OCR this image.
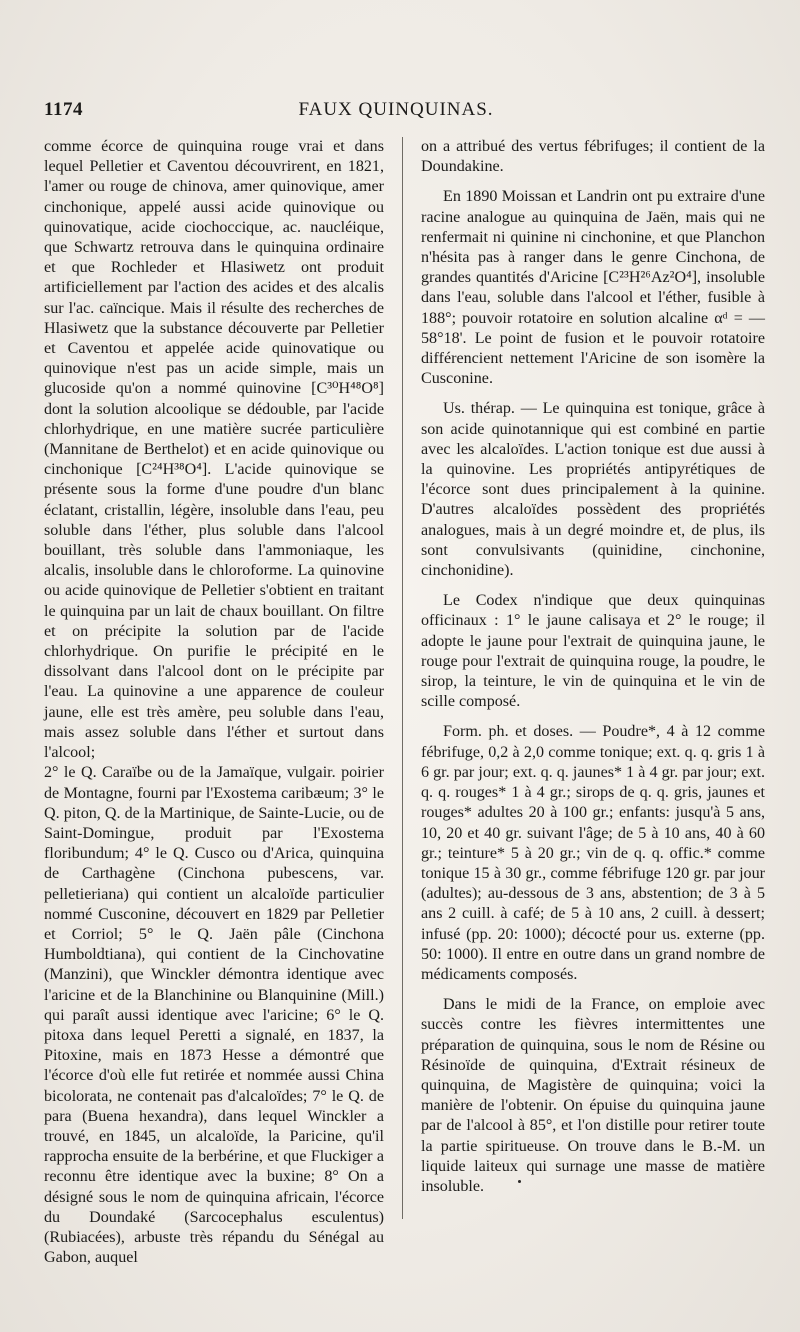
1174	FAUX QUINQUINAS.

comme écorce de quinquina rouge vrai et dans lequel Pelletier et Caventou découvrirent, en 1821, l'amer ou rouge de chinova, amer quinovique, amer cinchonique, appelé aussi acide quinovique ou quinovatique, acide ciochoccique, ac. naucléique, que Schwartz retrouva dans le quinquina ordinaire et que Rochleder et Hlasiwetz ont produit artificiellement par l'action des acides et des alcalis sur l'ac. caïncique. Mais il résulte des recherches de Hlasiwetz que la substance découverte par Pelletier et Caventou et appelée acide quinovatique ou quinovique n'est pas un acide simple, mais un glucoside qu'on a nommé quinovine [C³⁰H⁴⁸O⁸] dont la solution alcoolique se dédouble, par l'acide chlorhydrique, en une matière sucrée particulière (Mannitane de Berthelot) et en acide quinovique ou cinchonique [C²⁴H³⁸O⁴]. L'acide quinovique se présente sous la forme d'une poudre d'un blanc éclatant, cristallin, légère, insoluble dans l'eau, peu soluble dans l'éther, plus soluble dans l'alcool bouillant, très soluble dans l'ammoniaque, les alcalis, insoluble dans le chloroforme. La quinovine ou acide quinovique de Pelletier s'obtient en traitant le quinquina par un lait de chaux bouillant. On filtre et on précipite la solution par de l'acide chlorhydrique. On purifie le précipité en le dissolvant dans l'alcool dont on le précipite par l'eau. La quinovine a une apparence de couleur jaune, elle est très amère, peu soluble dans l'eau, mais assez soluble dans l'éther et surtout dans l'alcool;

2° le Q. Caraïbe ou de la Jamaïque, vulgair. poirier de Montagne, fourni par l'Exostema caribæum; 3° le Q. piton, Q. de la Martinique, de Sainte-Lucie, ou de Saint-Domingue, produit par l'Exostema floribundum; 4° le Q. Cusco ou d'Arica, quinquina de Carthagène (Cinchona pubescens, var. pelletieriana) qui contient un alcaloïde particulier nommé Cusconine, découvert en 1829 par Pelletier et Corriol; 5° le Q. Jaën pâle (Cinchona Humboldtiana), qui contient de la Cinchovatine (Manzini), que Winckler démontra identique avec l'aricine et de la Blanchinine ou Blanquinine (Mill.) qui paraît aussi identique avec l'aricine; 6° le Q. pitoxa dans lequel Peretti a signalé, en 1837, la Pitoxine, mais en 1873 Hesse a démontré que l'écorce d'où elle fut retirée et nommée aussi China bicolorata, ne contenait pas d'alcaloïdes; 7° le Q. de para (Buena hexandra), dans lequel Winckler a trouvé, en 1845, un alcaloïde, la Paricine, qu'il rapprocha ensuite de la berbérine, et que Fluckiger a reconnu être identique avec la buxine; 8° On a désigné sous le nom de quinquina africain, l'écorce du Doundaké (Sarcocephalus esculentus) (Rubiacées), arbuste très répandu du Sénégal au Gabon, auquel

on a attribué des vertus fébrifuges; il contient de la Doundakine.

En 1890 Moissan et Landrin ont pu extraire d'une racine analogue au quinquina de Jaën, mais qui ne renfermait ni quinine ni cinchonine, et que Planchon n'hésita pas à ranger dans le genre Cinchona, de grandes quantités d'Aricine [C²³H²⁶Az²O⁴], insoluble dans l'eau, soluble dans l'alcool et l'éther, fusible à 188°; pouvoir rotatoire en solution alcaline αᵈ = — 58°18'. Le point de fusion et le pouvoir rotatoire différencient nettement l'Aricine de son isomère la Cusconine.

Us. thérap. — Le quinquina est tonique, grâce à son acide quinotannique qui est combiné en partie avec les alcaloïdes. L'action tonique est due aussi à la quinovine. Les propriétés antipyrétiques de l'écorce sont dues principalement à la quinine. D'autres alcaloïdes possèdent des propriétés analogues, mais à un degré moindre et, de plus, ils sont convulsivants (quinidine, cinchonine, cinchonidine).

Le Codex n'indique que deux quinquinas officinaux : 1° le jaune calisaya et 2° le rouge; il adopte le jaune pour l'extrait de quinquina jaune, le rouge pour l'extrait de quinquina rouge, la poudre, le sirop, la teinture, le vin de quinquina et le vin de scille composé.

Form. ph. et doses. — Poudre*, 4 à 12 comme fébrifuge, 0,2 à 2,0 comme tonique; ext. q. q. gris 1 à 6 gr. par jour; ext. q. q. jaunes* 1 à 4 gr. par jour; ext. q. q. rouges* 1 à 4 gr.; sirops de q. q. gris, jaunes et rouges* adultes 20 à 100 gr.; enfants: jusqu'à 5 ans, 10, 20 et 40 gr. suivant l'âge; de 5 à 10 ans, 40 à 60 gr.; teinture* 5 à 20 gr.; vin de q. q. offic.* comme tonique 15 à 30 gr., comme fébrifuge 120 gr. par jour (adultes); au-dessous de 3 ans, abstention; de 3 à 5 ans 2 cuill. à café; de 5 à 10 ans, 2 cuill. à dessert; infusé (pp. 20: 1000); décocté pour us. externe (pp. 50: 1000). Il entre en outre dans un grand nombre de médicaments composés.

Dans le midi de la France, on emploie avec succès contre les fièvres intermittentes une préparation de quinquina, sous le nom de Résine ou Résinoïde de quinquina, d'Extrait résineux de quinquina, de Magistère de quinquina; voici la manière de l'obtenir. On épuise du quinquina jaune par de l'alcool à 85°, et l'on distille pour retirer toute la partie spiritueuse. On trouve dans le B.-M. un liquide laiteux qui surnage une masse de matière insoluble.
